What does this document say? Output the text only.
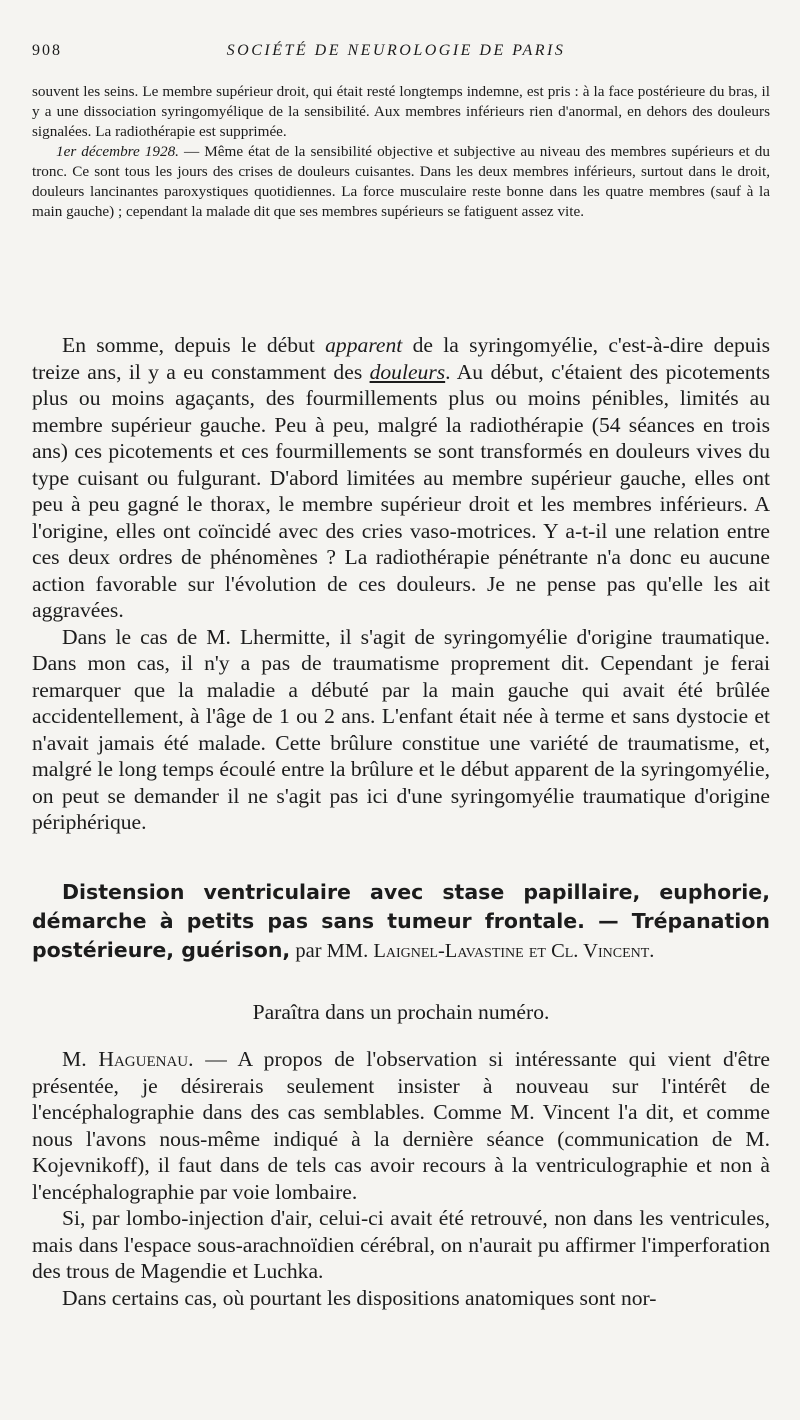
908	SOCIÉTÉ DE NEUROLOGIE DE PARIS

souvent les seins. Le membre supérieur droit, qui était resté longtemps indemne, est pris : à la face postérieure du bras, il y a une dissociation syringomyélique de la sensibilité. Aux membres inférieurs rien d'anormal, en dehors des douleurs signalées. La radiothérapie est supprimée.

1er décembre 1928. — Même état de la sensibilité objective et subjective au niveau des membres supérieurs et du tronc. Ce sont tous les jours des crises de douleurs cuisantes. Dans les deux membres inférieurs, surtout dans le droit, douleurs lancinantes paroxystiques quotidiennes. La force musculaire reste bonne dans les quatre membres (sauf à la main gauche) ; cependant la malade dit que ses membres supérieurs se fatiguent assez vite.

En somme, depuis le début apparent de la syringomyélie, c'est-à-dire depuis treize ans, il y a eu constamment des douleurs. Au début, c'étaient des picotements plus ou moins agaçants, des fourmillements plus ou moins pénibles, limités au membre supérieur gauche. Peu à peu, malgré la radiothérapie (54 séances en trois ans) ces picotements et ces fourmillements se sont transformés en douleurs vives du type cuisant ou fulgurant. D'abord limitées au membre supérieur gauche, elles ont peu à peu gagné le thorax, le membre supérieur droit et les membres inférieurs. A l'origine, elles ont coïncidé avec des cries vaso-motrices. Y a-t-il une relation entre ces deux ordres de phénomènes ? La radiothérapie pénétrante n'a donc eu aucune action favorable sur l'évolution de ces douleurs. Je ne pense pas qu'elle les ait aggravées.

Dans le cas de M. Lhermitte, il s'agit de syringomyélie d'origine traumatique. Dans mon cas, il n'y a pas de traumatisme proprement dit. Cependant je ferai remarquer que la maladie a débuté par la main gauche qui avait été brûlée accidentellement, à l'âge de 1 ou 2 ans. L'enfant était née à terme et sans dystocie et n'avait jamais été malade. Cette brûlure constitue une variété de traumatisme, et, malgré le long temps écoulé entre la brûlure et le début apparent de la syringomyélie, on peut se demander il ne s'agit pas ici d'une syringomyélie traumatique d'origine périphérique.

Distension ventriculaire avec stase papillaire, euphorie, démarche à petits pas sans tumeur frontale. — Trépanation postérieure, guérison, par MM. Laignel-Lavastine et Cl. Vincent.
Paraîtra dans un prochain numéro.

M. Haguenau. — A propos de l'observation si intéressante qui vient d'être présentée, je désirerais seulement insister à nouveau sur l'intérêt de l'encéphalographie dans des cas semblables. Comme M. Vincent l'a dit, et comme nous l'avons nous-même indiqué à la dernière séance (communication de M. Kojevnikoff), il faut dans de tels cas avoir recours à la ventriculographie et non à l'encéphalographie par voie lombaire.

Si, par lombo-injection d'air, celui-ci avait été retrouvé, non dans les ventricules, mais dans l'espace sous-arachnoïdien cérébral, on n'aurait pu affirmer l'imperforation des trous de Magendie et Luchka.

Dans certains cas, où pourtant les dispositions anatomiques sont nor-
